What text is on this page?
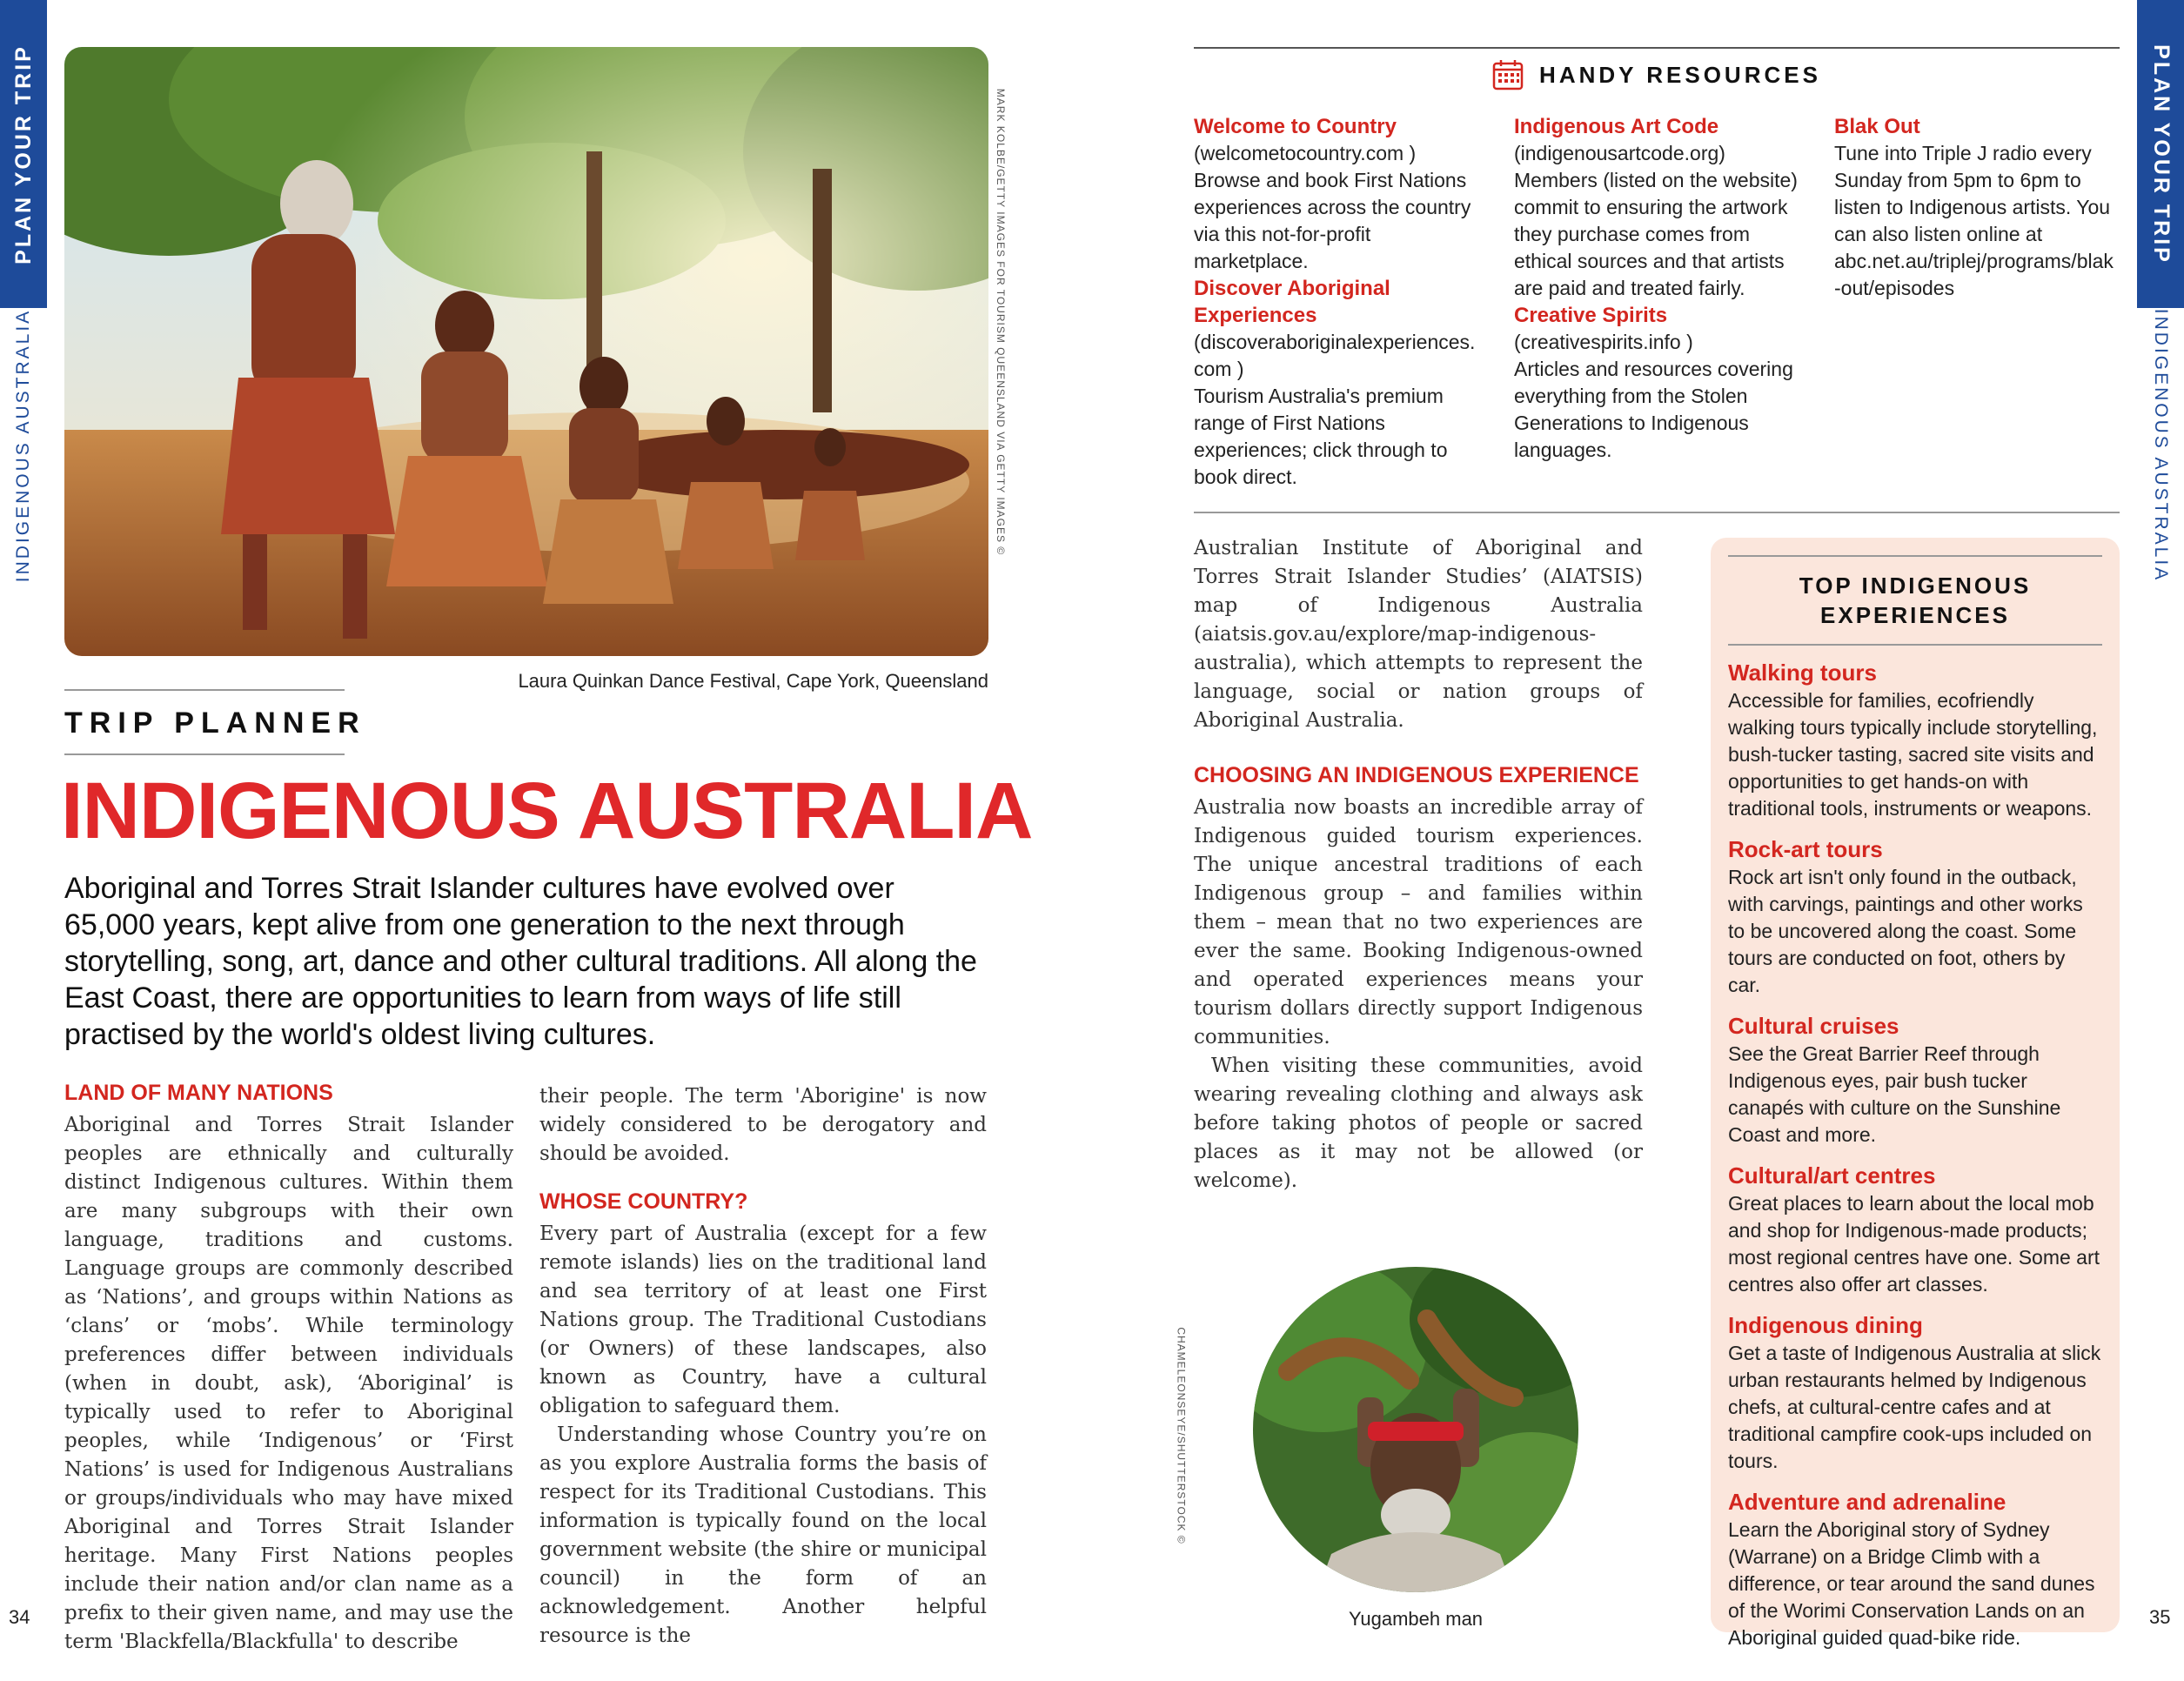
PLAN YOUR TRIP
INDIGENOUS AUSTRALIA
PLAN YOUR TRIP
INDIGENOUS AUSTRALIA
34	35
MARK KOLBE/GETTY IMAGES FOR TOURISM QUEENSLAND VIA GETTY IMAGES ©
Laura Quinkan Dance Festival, Cape York, Queensland
TRIP PLANNER
INDIGENOUS AUSTRALIA
Aboriginal and Torres Strait Islander cultures have evolved over 65,000 years, kept alive from one generation to the next through storytelling, song, art, dance and other cultural traditions. All along the East Coast, there are opportunities to learn from ways of life still practised by the world's oldest living cultures.
LAND OF MANY NATIONS

Aboriginal and Torres Strait Islander peoples are ethnically and culturally distinct Indigenous cultures. Within them are many subgroups with their own language, traditions and customs. Language groups are commonly described as ‘Nations’, and groups within Nations as ‘clans’ or ‘mobs’. While terminology preferences differ between individuals (when in doubt, ask), ‘Aboriginal’ is typically used to refer to Aboriginal peoples, while ‘Indigenous’ or ‘First Nations’ is used for Indigenous Australians or groups/individuals who may have mixed Aboriginal and Torres Strait Islander heritage. Many First Nations peoples include their nation and/or clan name as a prefix to their given name, and may use the term 'Blackfella/Blackfulla' to describe

their people. The term 'Aborigine' is now widely considered to be derogatory and should be avoided.

WHOSE COUNTRY?

Every part of Australia (except for a few remote islands) lies on the traditional land and sea territory of at least one First Nations group. The Traditional Custodians (or Owners) of these landscapes, also known as Country, have a cultural obligation to safeguard them.

Understanding whose Country you’re on as you explore Australia forms the basis of respect for its Traditional Custodians. This information is typically found on the local government website (the shire or municipal council) in the form of an acknowledgement. Another helpful resource is the

Australian Institute of Aboriginal and Torres Strait Islander Studies’ (AIATSIS) map of Indigenous Australia (aiatsis.gov.au/explore/map-indigenous-australia), which attempts to represent the language, social or nation groups of Aboriginal Australia.

CHOOSING AN INDIGENOUS EXPERIENCE

Australia now boasts an incredible array of Indigenous guided tourism experiences. The unique ancestral traditions of each Indigenous group – and families within them – mean that no two experiences are ever the same. Booking Indigenous-owned and operated experiences means your tourism dollars directly support Indigenous communities.

When visiting these communities, avoid wearing revealing clothing and always ask before taking photos of people or sacred places as it may not be allowed (or welcome).

HANDY RESOURCES
Welcome to Country
(welcometocountry.com )
Browse and book First Nations experiences across the country via this not-for-profit marketplace.
Discover Aboriginal Experiences
(discoveraboriginalexperiences.com )
Tourism Australia's premium range of First Nations experiences; click through to book direct.
Indigenous Art Code
(indigenousartcode.org)
Members (listed on the website) commit to ensuring the artwork they purchase comes from ethical sources and that artists are paid and treated fairly.
Creative Spirits
(creativespirits.info )
Articles and resources covering everything from the Stolen Generations to Indigenous languages.
Blak Out
Tune into Triple J radio every Sunday from 5pm to 6pm to listen to Indigenous artists. You can also listen online at abc.net.au/triplej/programs/blak-out/episodes
TOP INDIGENOUS EXPERIENCES
Walking tours
Accessible for families, ecofriendly walking tours typically include storytelling, bush-tucker tasting, sacred site visits and opportunities to get hands-on with traditional tools, instruments or weapons.
Rock-art tours
Rock art isn't only found in the outback, with carvings, paintings and other works to be uncovered along the coast. Some tours are conducted on foot, others by car.
Cultural cruises
See the Great Barrier Reef through Indigenous eyes, pair bush tucker canapés with culture on the Sunshine Coast and more.
Cultural/art centres
Great places to learn about the local mob and shop for Indigenous-made products; most regional centres have one. Some art centres also offer art classes.
Indigenous dining
Get a taste of Indigenous Australia at slick urban restaurants helmed by Indigenous chefs, at cultural-centre cafes and at traditional campfire cook-ups included on tours.
Adventure and adrenaline
Learn the Aboriginal story of Sydney (Warrane) on a Bridge Climb with a difference, or tear around the sand dunes of the Worimi Conservation Lands on an Aboriginal guided quad-bike ride.
CHAMELEONSEYE/SHUTTERSTOCK ©
Yugambeh man
